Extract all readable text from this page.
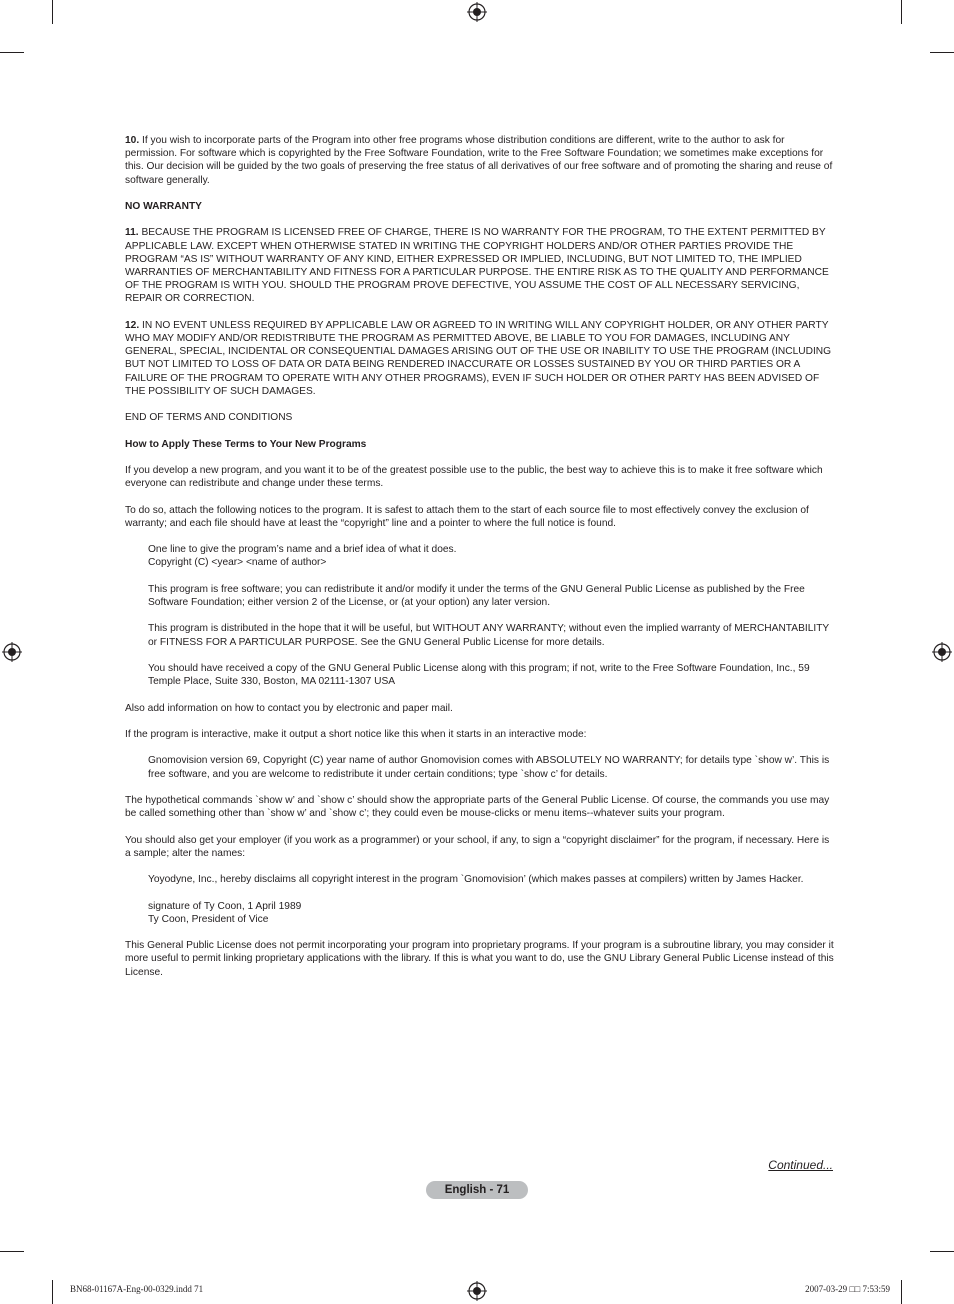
10. If you wish to incorporate parts of the Program into other free programs whose distribution conditions are different, write to the author to ask for permission. For software which is copyrighted by the Free Software Foundation, write to the Free Software Foundation; we sometimes make exceptions for this. Our decision will be guided by the two goals of preserving the free status of all derivatives of our free software and of promoting the sharing and reuse of software generally.

NO WARRANTY

11. BECAUSE THE PROGRAM IS LICENSED FREE OF CHARGE, THERE IS NO WARRANTY FOR THE PROGRAM, TO THE EXTENT PERMITTED BY APPLICABLE LAW. EXCEPT WHEN OTHERWISE STATED IN WRITING THE COPYRIGHT HOLDERS AND/OR OTHER PARTIES PROVIDE THE PROGRAM “AS IS” WITHOUT WARRANTY OF ANY KIND, EITHER EXPRESSED OR IMPLIED, INCLUDING, BUT NOT LIMITED TO, THE IMPLIED WARRANTIES OF MERCHANTABILITY AND FITNESS FOR A PARTICULAR PURPOSE. THE ENTIRE RISK AS TO THE QUALITY AND PERFORMANCE OF THE PROGRAM IS WITH YOU. SHOULD THE PROGRAM PROVE DEFECTIVE, YOU ASSUME THE COST OF ALL NECESSARY SERVICING, REPAIR OR CORRECTION.

12. IN NO EVENT UNLESS REQUIRED BY APPLICABLE LAW OR AGREED TO IN WRITING WILL ANY COPYRIGHT HOLDER, OR ANY OTHER PARTY WHO MAY MODIFY AND/OR REDISTRIBUTE THE PROGRAM AS PERMITTED ABOVE, BE LIABLE TO YOU FOR DAMAGES, INCLUDING ANY GENERAL, SPECIAL, INCIDENTAL OR CONSEQUENTIAL DAMAGES ARISING OUT OF THE USE OR INABILITY TO USE THE PROGRAM (INCLUDING BUT NOT LIMITED TO LOSS OF DATA OR DATA BEING RENDERED INACCURATE OR LOSSES SUSTAINED BY YOU OR THIRD PARTIES OR A FAILURE OF THE PROGRAM TO OPERATE WITH ANY OTHER PROGRAMS), EVEN IF SUCH HOLDER OR OTHER PARTY HAS BEEN ADVISED OF THE POSSIBILITY OF SUCH DAMAGES.

END OF TERMS AND CONDITIONS

How to Apply These Terms to Your New Programs

If you develop a new program, and you want it to be of the greatest possible use to the public, the best way to achieve this is to make it free software which everyone can redistribute and change under these terms.

To do so, attach the following notices to the program. It is safest to attach them to the start of each source file to most effectively convey the exclusion of warranty; and each file should have at least the “copyright” line and a pointer to where the full notice is found.

One line to give the program’s name and a brief idea of what it does.
Copyright (C) <year> <name of author>

This program is free software; you can redistribute it and/or modify it under the terms of the GNU General Public License as published by the Free Software Foundation; either version 2 of the License, or (at your option) any later version.

This program is distributed in the hope that it will be useful, but WITHOUT ANY WARRANTY; without even the implied warranty of MERCHANTABILITY or FITNESS FOR A PARTICULAR PURPOSE. See the GNU General Public License for more details.

You should have received a copy of the GNU General Public License along with this program; if not, write to the Free Software Foundation, Inc., 59 Temple Place, Suite 330, Boston, MA 02111-1307 USA

Also add information on how to contact you by electronic and paper mail.

If the program is interactive, make it output a short notice like this when it starts in an interactive mode:

Gnomovision version 69, Copyright (C) year name of author Gnomovision comes with ABSOLUTELY NO WARRANTY; for details type `show w’. This is free software, and you are welcome to redistribute it under certain conditions; type `show c’ for details.

The hypothetical commands `show w’ and `show c’ should show the appropriate parts of the General Public License. Of course, the commands you use may be called something other than `show w’ and `show c’; they could even be mouse-clicks or menu items--whatever suits your program.

You should also get your employer (if you work as a programmer) or your school, if any, to sign a “copyright disclaimer” for the program, if necessary. Here is a sample; alter the names:

Yoyodyne, Inc., hereby disclaims all copyright interest in the program `Gnomovision’ (which makes passes at compilers) written by James Hacker.

signature of Ty Coon, 1 April 1989
Ty Coon, President of Vice

This General Public License does not permit incorporating your program into proprietary programs. If your program is a subroutine library, you may consider it more useful to permit linking proprietary applications with the library. If this is what you want to do, use the GNU Library General Public License instead of this License.

Continued...
English - 71
BN68-01167A-Eng-00-0329.indd 71	2007-03-29 □□ 7:53:59
